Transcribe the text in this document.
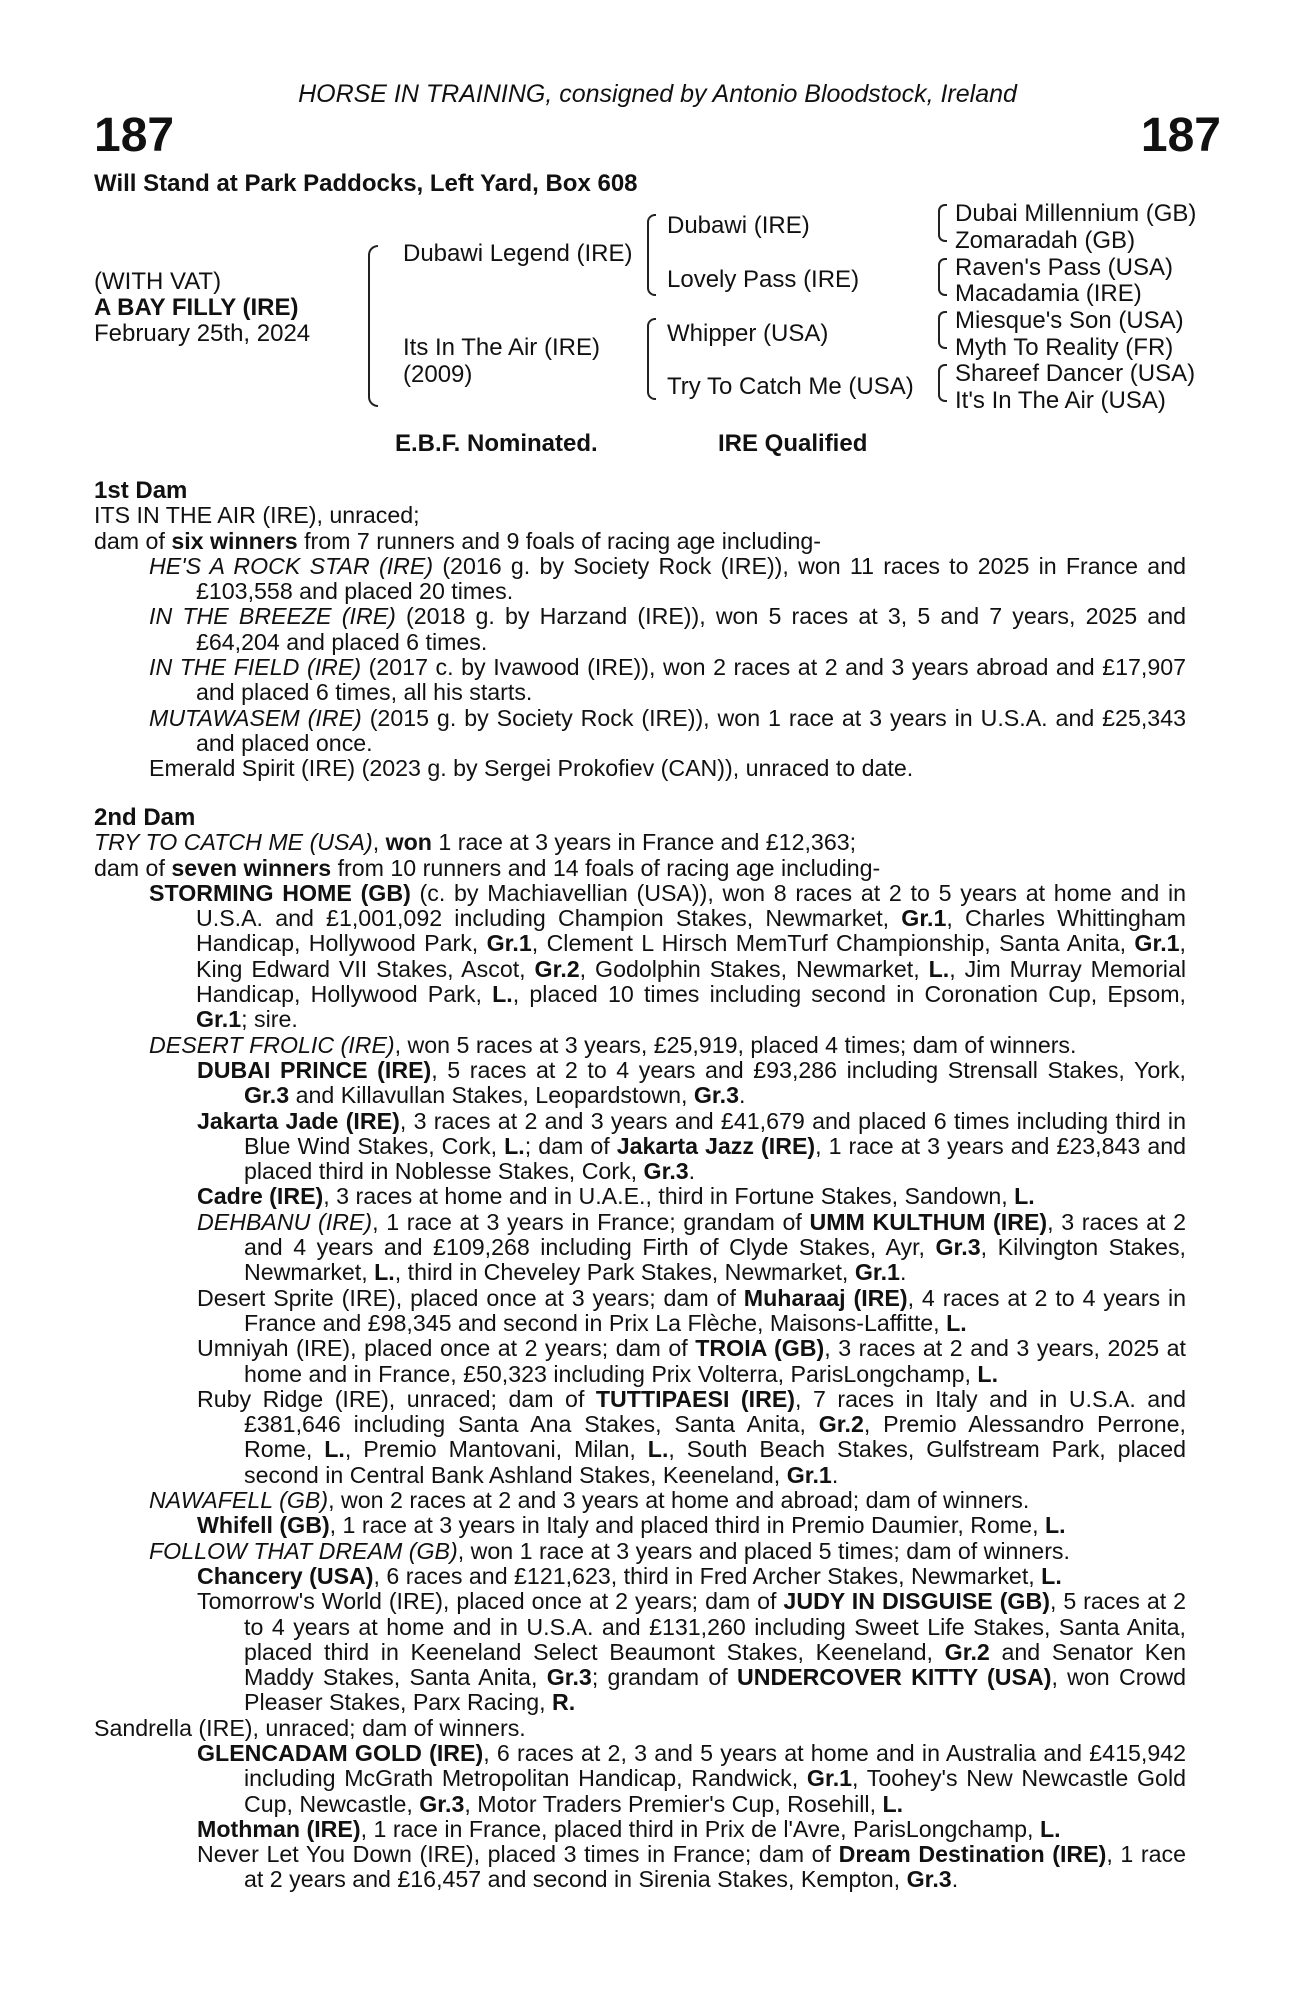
HORSE IN TRAINING, consigned by Antonio Bloodstock, Ireland
187	187
Will Stand at Park Paddocks, Left Yard, Box 608
(WITH VAT)
A BAY FILLY (IRE)
February 25th, 2024
Dubawi Legend (IRE)
Its In The Air (IRE)
(2009)
Dubawi (IRE)
Lovely Pass (IRE)
Whipper (USA)
Try To Catch Me (USA)
Dubai Millennium (GB)
Zomaradah (GB)
Raven's Pass (USA)
Macadamia (IRE)
Miesque's Son (USA)
Myth To Reality (FR)
Shareef Dancer (USA)
It's In The Air (USA)
E.B.F. Nominated.	IRE Qualified

1st Dam

ITS IN THE AIR (IRE), unraced;

dam of six winners from 7 runners and 9 foals of racing age including-

HE'S A ROCK STAR (IRE) (2016 g. by Society Rock (IRE)), won 11 races to 2025 in France and £103,558 and placed 20 times.

IN THE BREEZE (IRE) (2018 g. by Harzand (IRE)), won 5 races at 3, 5 and 7 years, 2025 and £64,204 and placed 6 times.

IN THE FIELD (IRE) (2017 c. by Ivawood (IRE)), won 2 races at 2 and 3 years abroad and £17,907 and placed 6 times, all his starts.

MUTAWASEM (IRE) (2015 g. by Society Rock (IRE)), won 1 race at 3 years in U.S.A. and £25,343 and placed once.

Emerald Spirit (IRE) (2023 g. by Sergei Prokofiev (CAN)), unraced to date.

2nd Dam

TRY TO CATCH ME (USA), won 1 race at 3 years in France and £12,363;

dam of seven winners from 10 runners and 14 foals of racing age including-

STORMING HOME (GB) (c. by Machiavellian (USA)), won 8 races at 2 to 5 years at home and in U.S.A. and £1,001,092 including Champion Stakes, Newmarket, Gr.1, Charles Whittingham Handicap, Hollywood Park, Gr.1, Clement L Hirsch MemTurf Championship, Santa Anita, Gr.1, King Edward VII Stakes, Ascot, Gr.2, Godolphin Stakes, Newmarket, L., Jim Murray Memorial Handicap, Hollywood Park, L., placed 10 times including second in Coronation Cup, Epsom, Gr.1; sire.

DESERT FROLIC (IRE), won 5 races at 3 years, £25,919, placed 4 times; dam of winners.

DUBAI PRINCE (IRE), 5 races at 2 to 4 years and £93,286 including Strensall Stakes, York, Gr.3 and Killavullan Stakes, Leopardstown, Gr.3.

Jakarta Jade (IRE), 3 races at 2 and 3 years and £41,679 and placed 6 times including third in Blue Wind Stakes, Cork, L.; dam of Jakarta Jazz (IRE), 1 race at 3 years and £23,843 and placed third in Noblesse Stakes, Cork, Gr.3.

Cadre (IRE), 3 races at home and in U.A.E., third in Fortune Stakes, Sandown, L.

DEHBANU (IRE), 1 race at 3 years in France; grandam of UMM KULTHUM (IRE), 3 races at 2 and 4 years and £109,268 including Firth of Clyde Stakes, Ayr, Gr.3, Kilvington Stakes, Newmarket, L., third in Cheveley Park Stakes, Newmarket, Gr.1.

Desert Sprite (IRE), placed once at 3 years; dam of Muharaaj (IRE), 4 races at 2 to 4 years in France and £98,345 and second in Prix La Flèche, Maisons-Laffitte, L.

Umniyah (IRE), placed once at 2 years; dam of TROIA (GB), 3 races at 2 and 3 years, 2025 at home and in France, £50,323 including Prix Volterra, ParisLongchamp, L.

Ruby Ridge (IRE), unraced; dam of TUTTIPAESI (IRE), 7 races in Italy and in U.S.A. and £381,646 including Santa Ana Stakes, Santa Anita, Gr.2, Premio Alessandro Perrone, Rome, L., Premio Mantovani, Milan, L., South Beach Stakes, Gulfstream Park, placed second in Central Bank Ashland Stakes, Keeneland, Gr.1.

NAWAFELL (GB), won 2 races at 2 and 3 years at home and abroad; dam of winners.

Whifell (GB), 1 race at 3 years in Italy and placed third in Premio Daumier, Rome, L.

FOLLOW THAT DREAM (GB), won 1 race at 3 years and placed 5 times; dam of winners.

Chancery (USA), 6 races and £121,623, third in Fred Archer Stakes, Newmarket, L.

Tomorrow's World (IRE), placed once at 2 years; dam of JUDY IN DISGUISE (GB), 5 races at 2 to 4 years at home and in U.S.A. and £131,260 including Sweet Life Stakes, Santa Anita, placed third in Keeneland Select Beaumont Stakes, Keeneland, Gr.2 and Senator Ken Maddy Stakes, Santa Anita, Gr.3; grandam of UNDERCOVER KITTY (USA), won Crowd Pleaser Stakes, Parx Racing, R.

Sandrella (IRE), unraced; dam of winners.

GLENCADAM GOLD (IRE), 6 races at 2, 3 and 5 years at home and in Australia and £415,942 including McGrath Metropolitan Handicap, Randwick, Gr.1, Toohey's New Newcastle Gold Cup, Newcastle, Gr.3, Motor Traders Premier's Cup, Rosehill, L.

Mothman (IRE), 1 race in France, placed third in Prix de l'Avre, ParisLongchamp, L.

Never Let You Down (IRE), placed 3 times in France; dam of Dream Destination (IRE), 1 race at 2 years and £16,457 and second in Sirenia Stakes, Kempton, Gr.3.
